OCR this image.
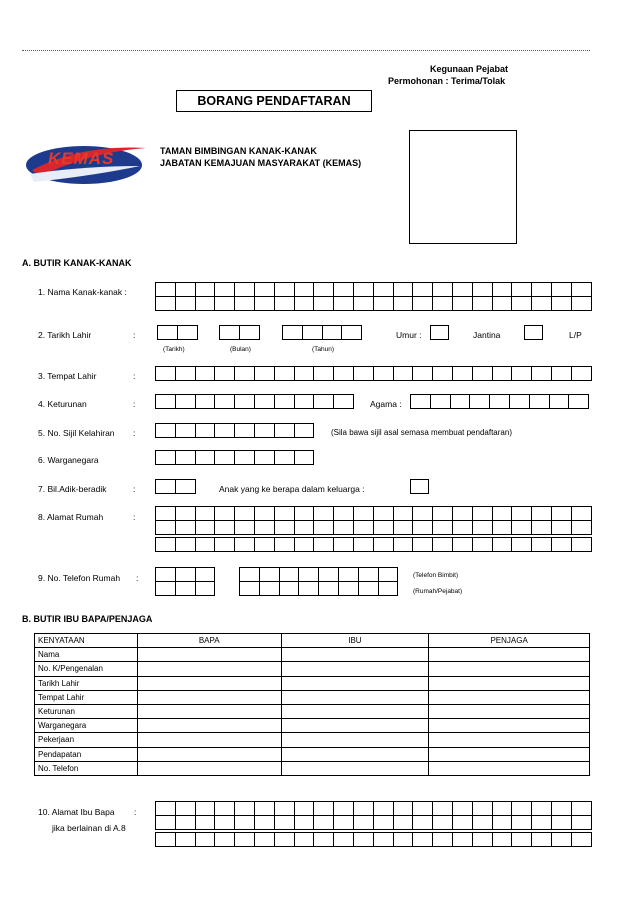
Kegunaan Pejabat
Permohonan : Terima/Tolak
BORANG PENDAFTARAN
KEMAS	TAMAN BIMBINGAN KANAK-KANAK
JABATAN KEMAJUAN MASYARAKAT (KEMAS)
A. BUTIR KANAK-KANAK
1. Nama Kanak-kanak :
2. Tarikh Lahir	:
(Tarikh)	(Bulan)	(Tahun)
Umur :	Jantina	L/P
3. Tempat Lahir	:
4. Keturunan	:	Agama :
5. No. Sijil Kelahiran :	(Sila bawa sijil asal semasa membuat pendaftaran)
6. Warganegara
7. Bil.Adik-beradik	:	Anak yang ke berapa dalam keluarga :
8. Alamat Rumah	:
9. No. Telefon Rumah :	(Telefon Bimbit)
(Rumah/Pejabat)
B. BUTIR IBU BAPA/PENJAGA
KENYATAAN	BAPA	IBU	PENJAGA
Nama			
No. K/Pengenalan			
Tarikh Lahir			
Tempat Lahir			
Keturunan			
Warganegara			
Pekerjaan			
Pendapatan			
No. Telefon			
10. Alamat Ibu Bapa :
jika berlainan di A.8
